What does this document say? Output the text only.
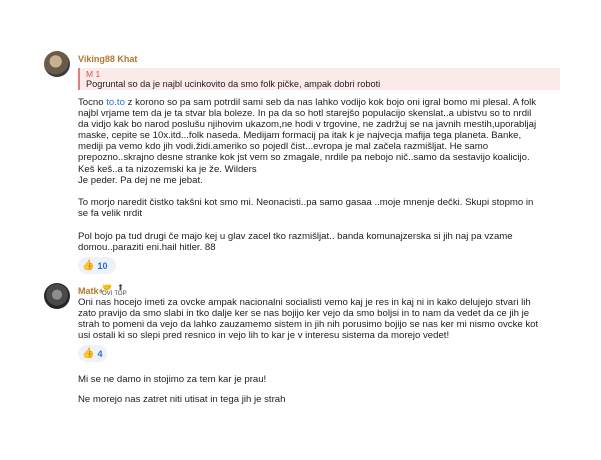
Viking88 Khat
M 1
Pogruntal so da je najbl ucinkovito da smo folk pičke, ampak dobri roboti

Tocno to.to z korono so pa sam potrdil sami seb da nas lahko vodijo kok bojo oni igral bomo mi plesal. A folk

najbl vrjame tem da je ta stvar bla boleze. In pa da so hotl starejšo populacijo skenslat..a ubistvu so to nrdil

da vidjo kak bo narod poslušu njihovim ukazom,ne hodi v trgovine, ne zadržuj se na javnih mestih,uporabljaj

maske, cepite se 10x.itd...folk naseda. Medijam formacij pa itak k je najvecja mafija tega planeta. Banke,

mediji pa vemo kdo jih vodi.židi.ameriko so pojedl čist...evropa je mal začela razmišljat. He samo

prepozno..skrajno desne stranke kok jst vem so zmagale, nrdile pa nebojo nič..samo da sestavijo koalicijo.

Keš keš..a ta nizozemski ka je že. Wilders

Je peder. Pa dej ne me jebat.

To morjo naredit čistko takšni kot smo mi. Neonacisti..pa samo gasaa ..moje mnenje dečki. Skupi stopmo in

se fa velik nrdit

Pol bojo pa tud drugi če majo kej u glav zacel tko razmišljat.. banda komunajzerska si jih naj pa vzame

domou..paraziti eni.hail hitler. 88

👍 10
Matk+
🤝
OVI
⬆
TOP

Oni nas hocejo imeti za ovcke ampak nacionalni socialisti vemo kaj je res in kaj ni in kako delujejo stvari lih

zato pravijo da smo slabi in tko dalje ker se nas bojijo ker vejo da smo boljsi in to nam da vedet da ce jih je

strah to pomeni da vejo da lahko zauzamemo sistem in jih nih porusimo bojijo se nas ker mi nismo ovcke kot

usi ostali ki so slepi pred resnico in vejo lih to kar je v interesu sistema da morejo vedet!

👍 4
Mi se ne damo in stojimo za tem kar je prau!
Ne morejo nas zatret niti utisat in tega jih je strah
